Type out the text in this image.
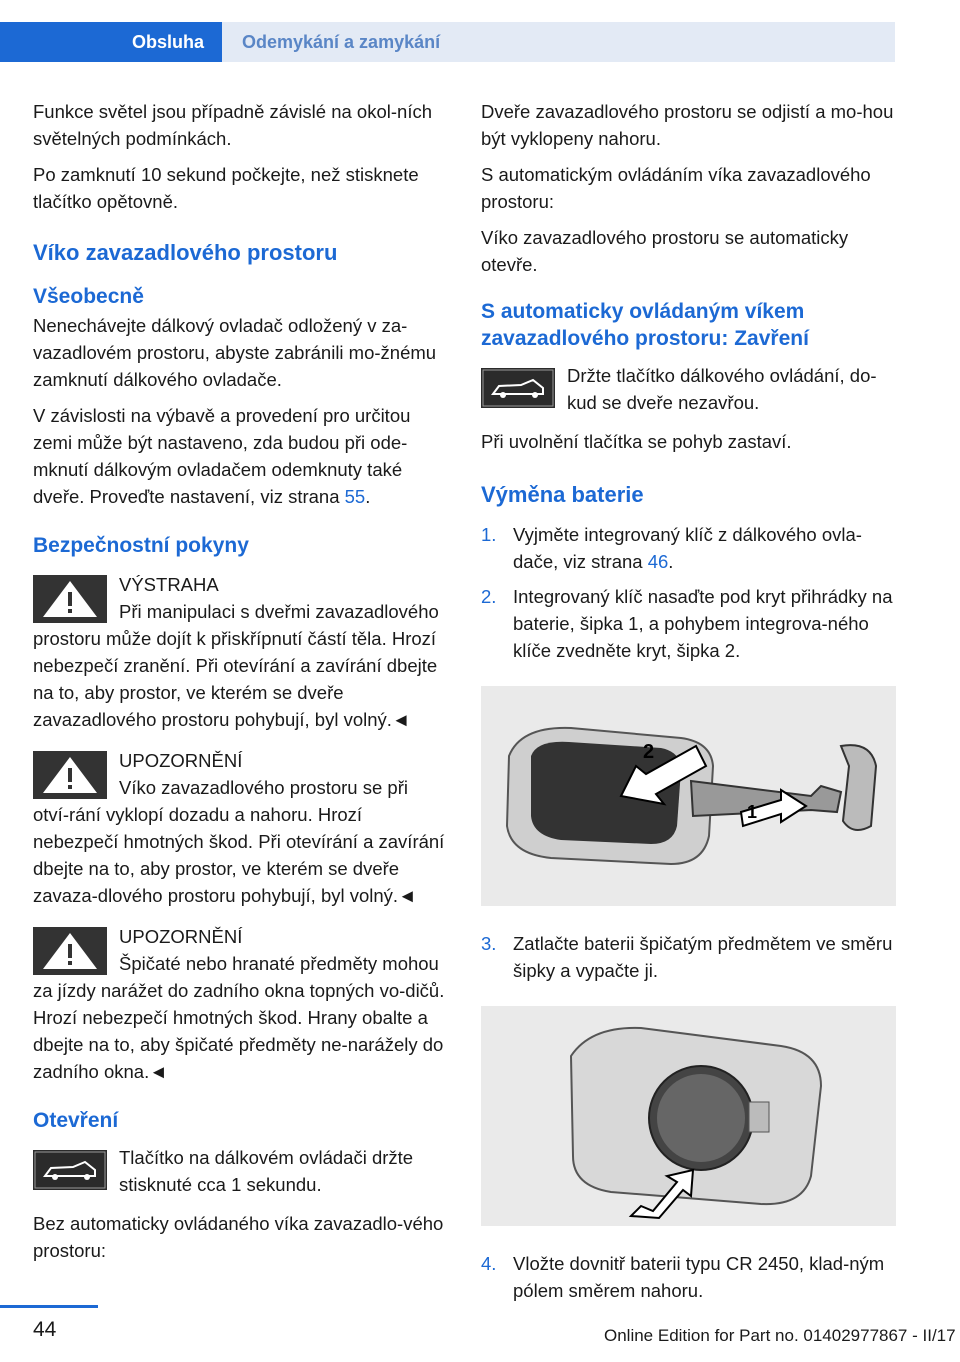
Obsluha	Odemykání a zamykání

Funkce světel jsou případně závislé na okol-ních světelných podmínkách.

Po zamknutí 10 sekund počkejte, než stisknete tlačítko opětovně.

Víko zavazadlového prostoru
Všeobecně

Nenechávejte dálkový ovladač odložený v za-vazadlovém prostoru, abyste zabránili mo-žnému zamknutí dálkového ovladače.

V závislosti na výbavě a provedení pro určitou zemi může být nastaveno, zda budou při ode-mknutí dálkovým ovladačem odemknuty také dveře. Proveďte nastavení, viz strana 55.

Bezpečnostní pokyny
VÝSTRAHA
Při manipulaci s dveřmi zavazadlového prostoru může dojít k přiskřípnutí částí těla. Hrozí nebezpečí zranění. Při otevírání a zavírání dbejte na to, aby prostor, ve kterém se dveře zavazadlového prostoru pohybují, byl volný.◄
UPOZORNĚNÍ
Víko zavazadlového prostoru se při otví-rání vyklopí dozadu a nahoru. Hrozí nebezpečí hmotných škod. Při otevírání a zavírání dbejte na to, aby prostor, ve kterém se dveře zavaza-dlového prostoru pohybují, byl volný.◄
UPOZORNĚNÍ
Špičaté nebo hranaté předměty mohou za jízdy narážet do zadního okna topných vo-dičů. Hrozí nebezpečí hmotných škod. Hrany obalte a dbejte na to, aby špičaté předměty ne-narážely do zadního okna.◄
Otevření
Tlačítko na dálkovém ovládači držte stisknuté cca 1 sekundu.

Bez automaticky ovládaného víka zavazadlo-vého prostoru:

Dveře zavazadlového prostoru se odjistí a mo-hou být vyklopeny nahoru.

S automatickým ovládáním víka zavazadlového prostoru:

Víko zavazadlového prostoru se automaticky otevře.

S automaticky ovládaným víkem zavazadlového prostoru: Zavření
Držte tlačítko dálkového ovládání, do-kud se dveře nezavřou.

Při uvolnění tlačítka se pohyb zastaví.

Výměna baterie
1. Vyjměte integrovaný klíč z dálkového ovla-dače, viz strana 46.
2. Integrovaný klíč nasaďte pod kryt přihrádky na baterie, šipka 1, a pohybem integrova-ného klíče zvedněte kryt, šipka 2.
2
1
3. Zatlačte baterii špičatým předmětem ve směru šipky a vypačte ji.
4. Vložte dovnitř baterii typu CR 2450, klad-ným pólem směrem nahoru.
44	Online Edition for Part no. 01402977867 - II/17
